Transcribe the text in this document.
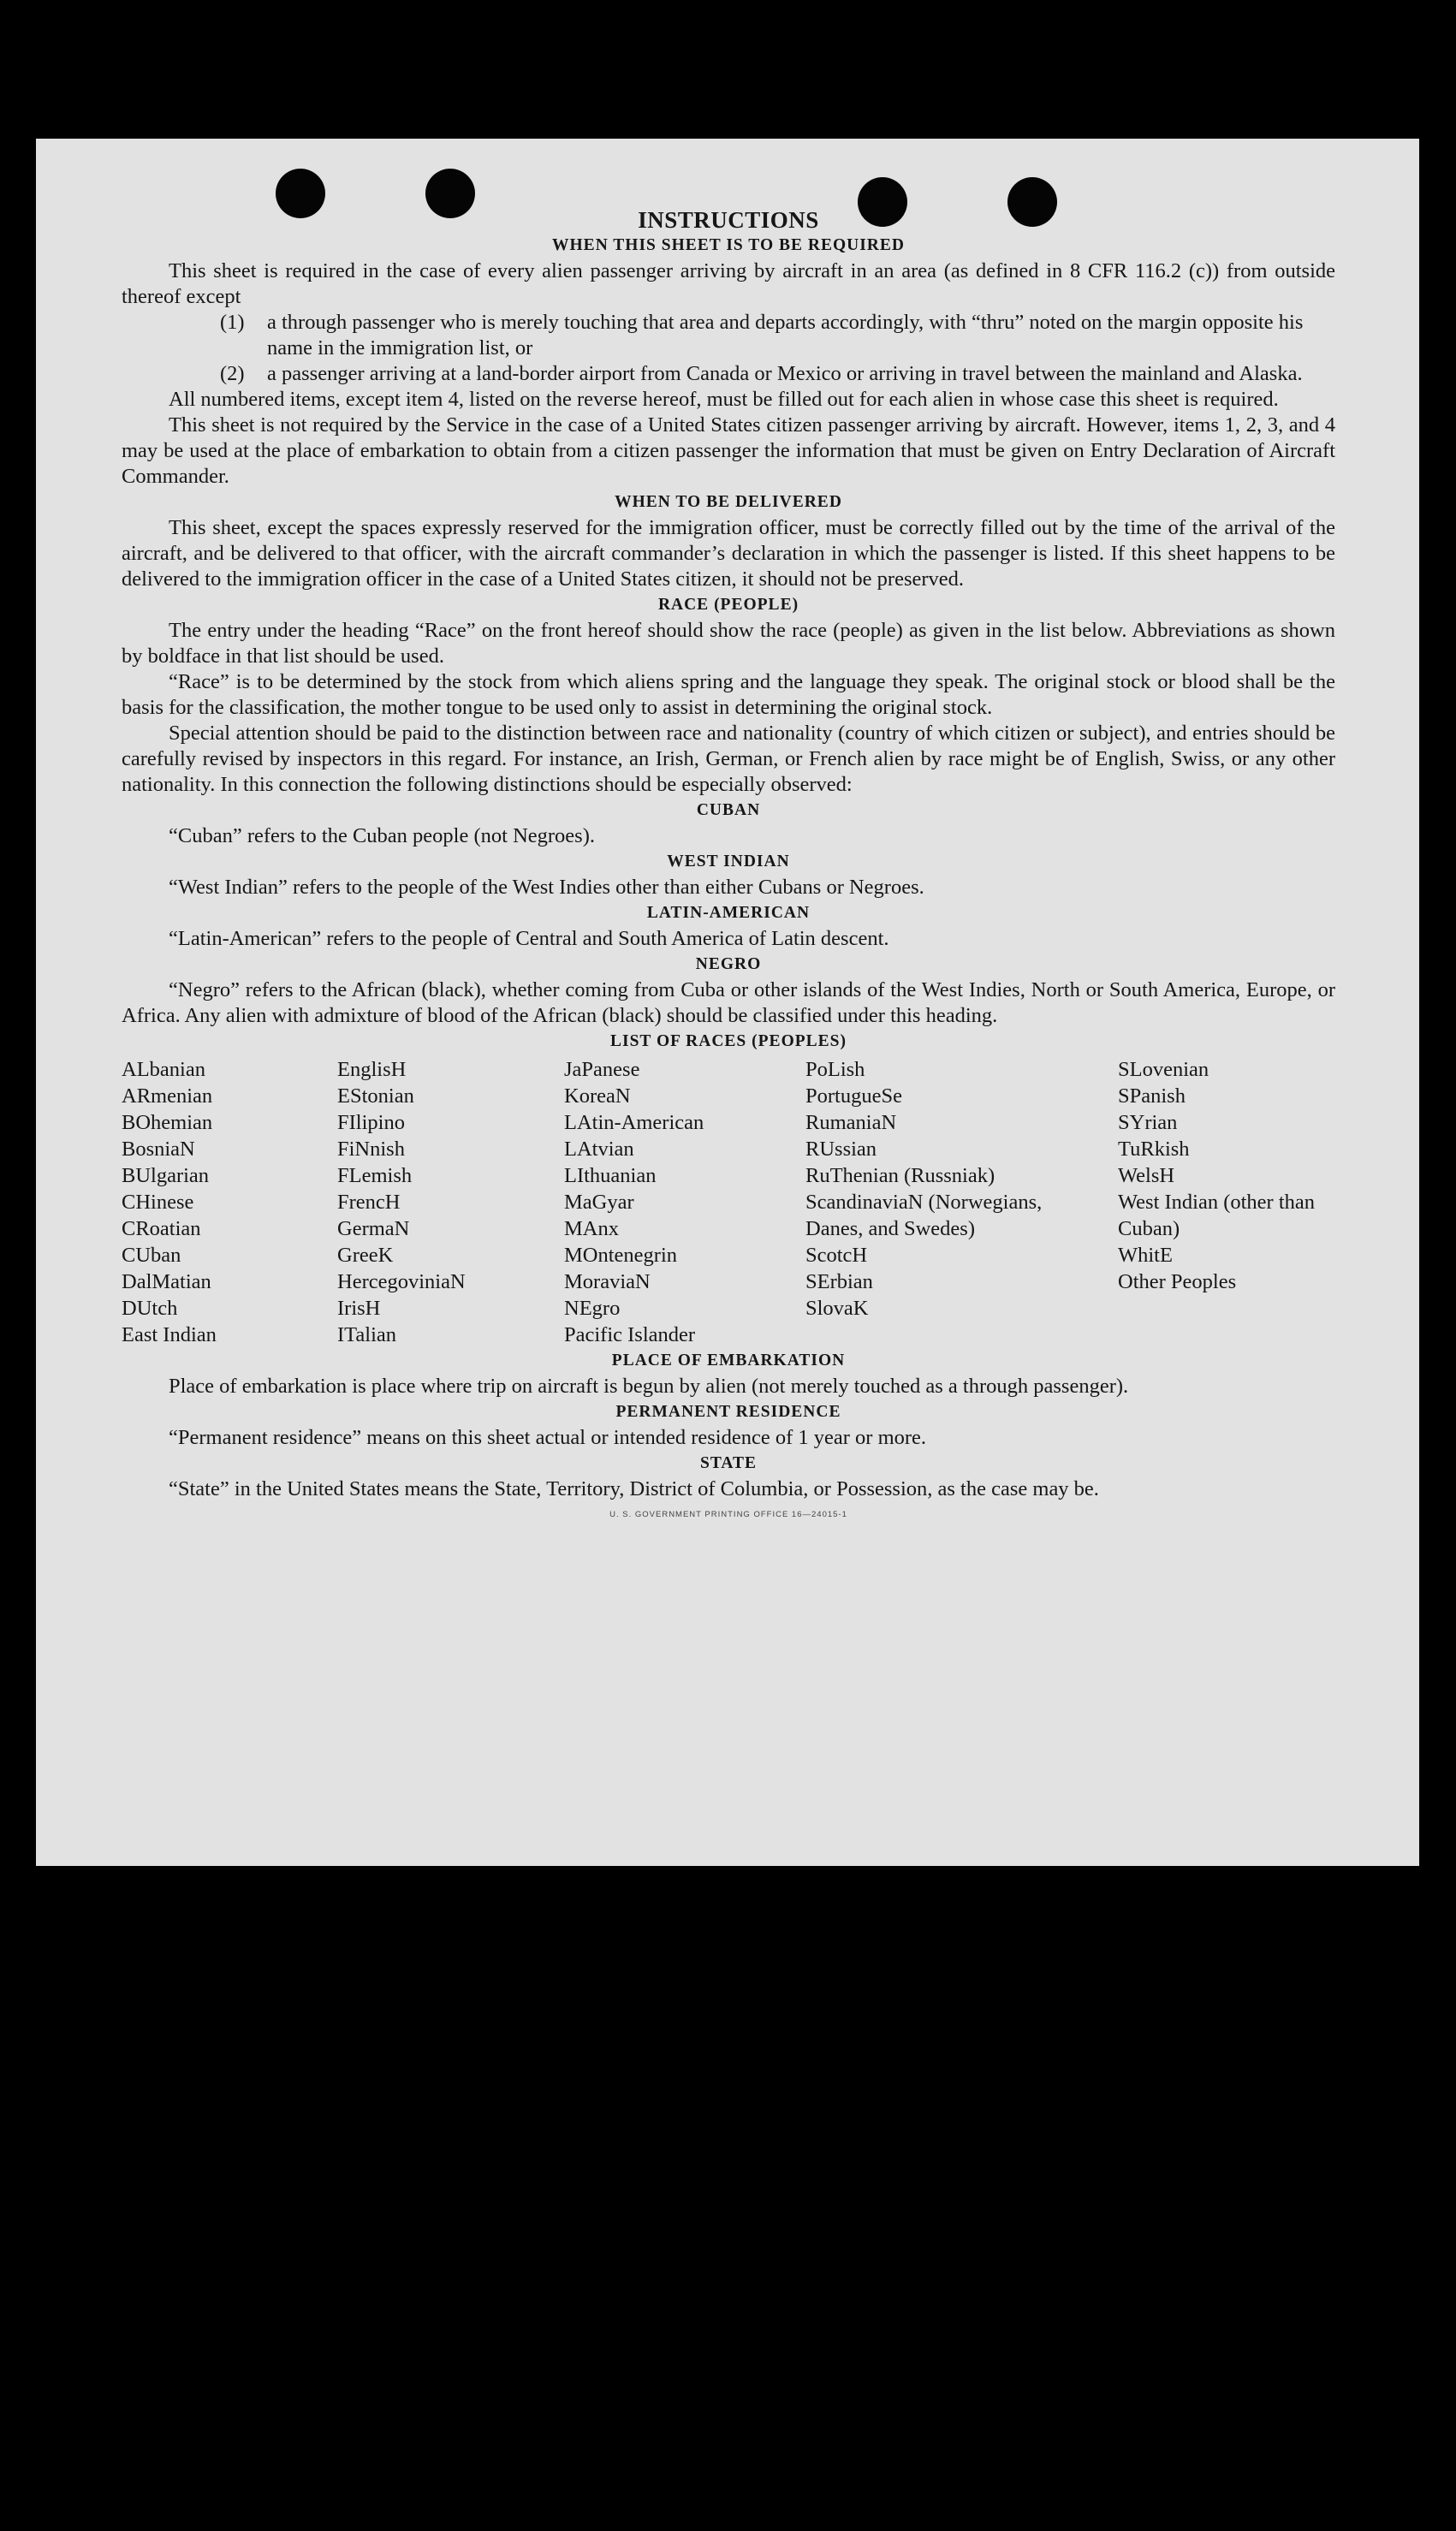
INSTRUCTIONS

WHEN THIS SHEET IS TO BE REQUIRED

This sheet is required in the case of every alien passenger arriving by aircraft in an area (as defined in 8 CFR 116.2 (c)) from outside thereof except

(1)	a through passenger who is merely touching that area and departs accordingly, with “thru” noted on the margin opposite his name in the immigration list, or
(2)	a passenger arriving at a land-border airport from Canada or Mexico or arriving in travel between the mainland and Alaska.

All numbered items, except item 4, listed on the reverse hereof, must be filled out for each alien in whose case this sheet is required.

This sheet is not required by the Service in the case of a United States citizen passenger arriving by aircraft. However, items 1, 2, 3, and 4 may be used at the place of embarkation to obtain from a citizen passenger the information that must be given on Entry Declaration of Aircraft Commander.

WHEN TO BE DELIVERED

This sheet, except the spaces expressly reserved for the immigration officer, must be correctly filled out by the time of the arrival of the aircraft, and be delivered to that officer, with the aircraft commander’s declaration in which the passenger is listed. If this sheet happens to be delivered to the immigration officer in the case of a United States citizen, it should not be preserved.

RACE (PEOPLE)

The entry under the heading “Race” on the front hereof should show the race (people) as given in the list below. Abbreviations as shown by boldface in that list should be used.

“Race” is to be determined by the stock from which aliens spring and the language they speak. The original stock or blood shall be the basis for the classification, the mother tongue to be used only to assist in determining the original stock.

Special attention should be paid to the distinction between race and nationality (country of which citizen or subject), and entries should be carefully revised by inspectors in this regard. For instance, an Irish, German, or French alien by race might be of English, Swiss, or any other nationality. In this connection the following distinctions should be especially observed:

CUBAN

“Cuban” refers to the Cuban people (not Negroes).

WEST INDIAN

“West Indian” refers to the people of the West Indies other than either Cubans or Negroes.

LATIN-AMERICAN

“Latin-American” refers to the people of Central and South America of Latin descent.

NEGRO

“Negro” refers to the African (black), whether coming from Cuba or other islands of the West Indies, North or South America, Europe, or Africa. Any alien with admixture of blood of the African (black) should be classified under this heading.

LIST OF RACES (PEOPLES)

ALbanian
ARmenian
BOhemian
BosniaN
BUlgarian
CHinese
CRoatian
CUban
DalMatian
DUtch
East Indian
EnglisH
EStonian
FIlipino
FiNnish
FLemish
FrencH
GermaN
GreeK
HercegoviniaN
IrisH
ITalian
JaPanese
KoreaN
LAtin-American
LAtvian
LIthuanian
MaGyar
MAnx
MOntenegrin
MoraviaN
NEgro
Pacific Islander
PoLish
PortugueSe
RumaniaN
RUssian
RuThenian (Russniak)
ScandinaviaN (Norwegians, Danes, and Swedes)
ScotcH
SErbian
SlovaK
SLovenian
SPanish
SYrian
TuRkish
WelsH
West Indian (other than Cuban)
WhitE
Other Peoples

PLACE OF EMBARKATION

Place of embarkation is place where trip on aircraft is begun by alien (not merely touched as a through passenger).

PERMANENT RESIDENCE

“Permanent residence” means on this sheet actual or intended residence of 1 year or more.

STATE

“State” in the United States means the State, Territory, District of Columbia, or Possession, as the case may be.

U. S. GOVERNMENT PRINTING OFFICE 16—24015-1
